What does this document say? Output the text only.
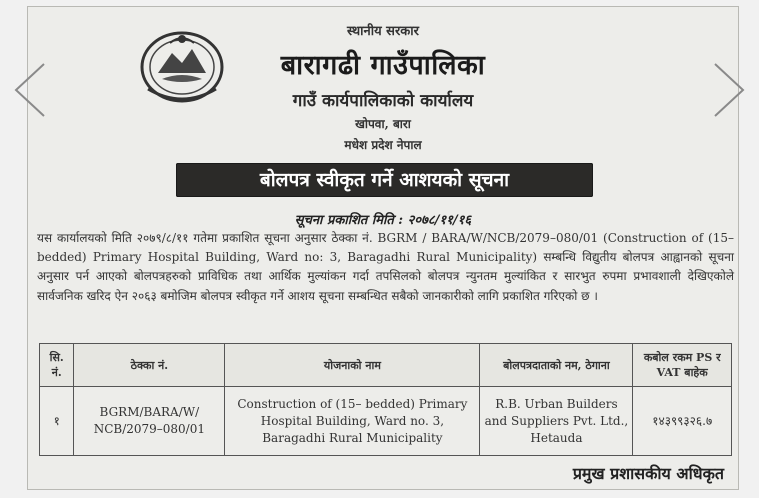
स्थानीय सरकार
बारागढी गाउँपालिका
गाउँ कार्यपालिकाको कार्यालय
खोपवा, बारा
मधेश प्रदेश नेपाल
बोलपत्र स्वीकृत गर्ने आशयको सूचना
सूचना प्रकाशित मिति : २०७८/११/१६
यस कार्यालयको मिति २०७९/८/११ गतेमा प्रकाशित सूचना अनुसार ठेक्का नं. BGRM / BARA/W/NCB/2079–080/01 (Construction of (15– bedded) Primary Hospital Building, Ward no: 3, Baragadhi Rural Municipality) सम्बन्धि विद्युतीय बोलपत्र आह्वानको सूचना अनुसार पर्न आएको बोलपत्रहरुको प्राविधिक तथा आर्थिक मुल्यांकन गर्दा तपसिलको बोलपत्र न्युनतम मुल्यांकित र सारभुत रुपमा प्रभावशाली देखिएकोले सार्वजनिक खरिद ऐन २०६३ बमोजिम बोलपत्र स्वीकृत गर्ने आशय सूचना सम्बन्धित सबैको जानकारीको लागि प्रकाशित गरिएको छ ।
सि. नं.	ठेक्का नं.	योजनाको नाम	बोलपत्रदाताको नम, ठेगाना	कबोल रकम PS र VAT बाहेक
१	BGRM/BARA/W/ NCB/2079–080/01	Construction of (15– bedded) Primary Hospital Building, Ward no. 3, Baragadhi Rural Municipality	R.B. Urban Builders and Suppliers Pvt. Ltd., Hetauda	१४३९९३२६.७
प्रमुख प्रशासकीय अधिकृत
